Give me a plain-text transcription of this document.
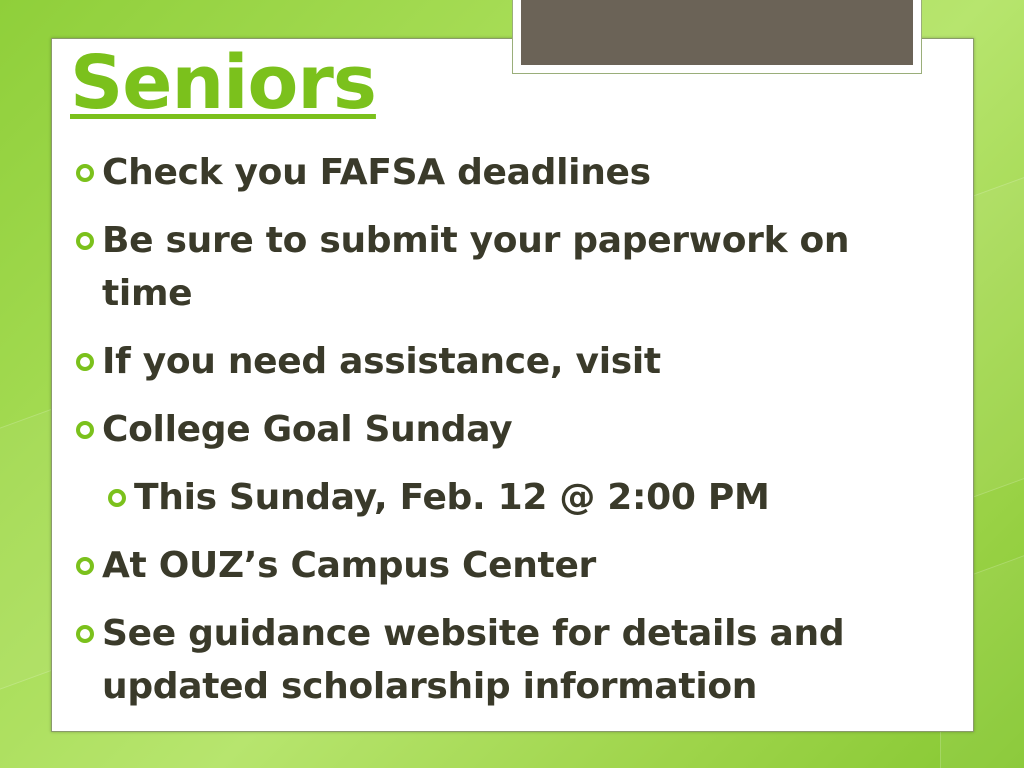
Seniors
Check you FAFSA deadlines
Be sure to submit your paperwork on time
If you need assistance, visit
College Goal Sunday
This Sunday, Feb. 12 @ 2:00 PM
At OUZ’s Campus Center
See guidance website for details and updated scholarship information
